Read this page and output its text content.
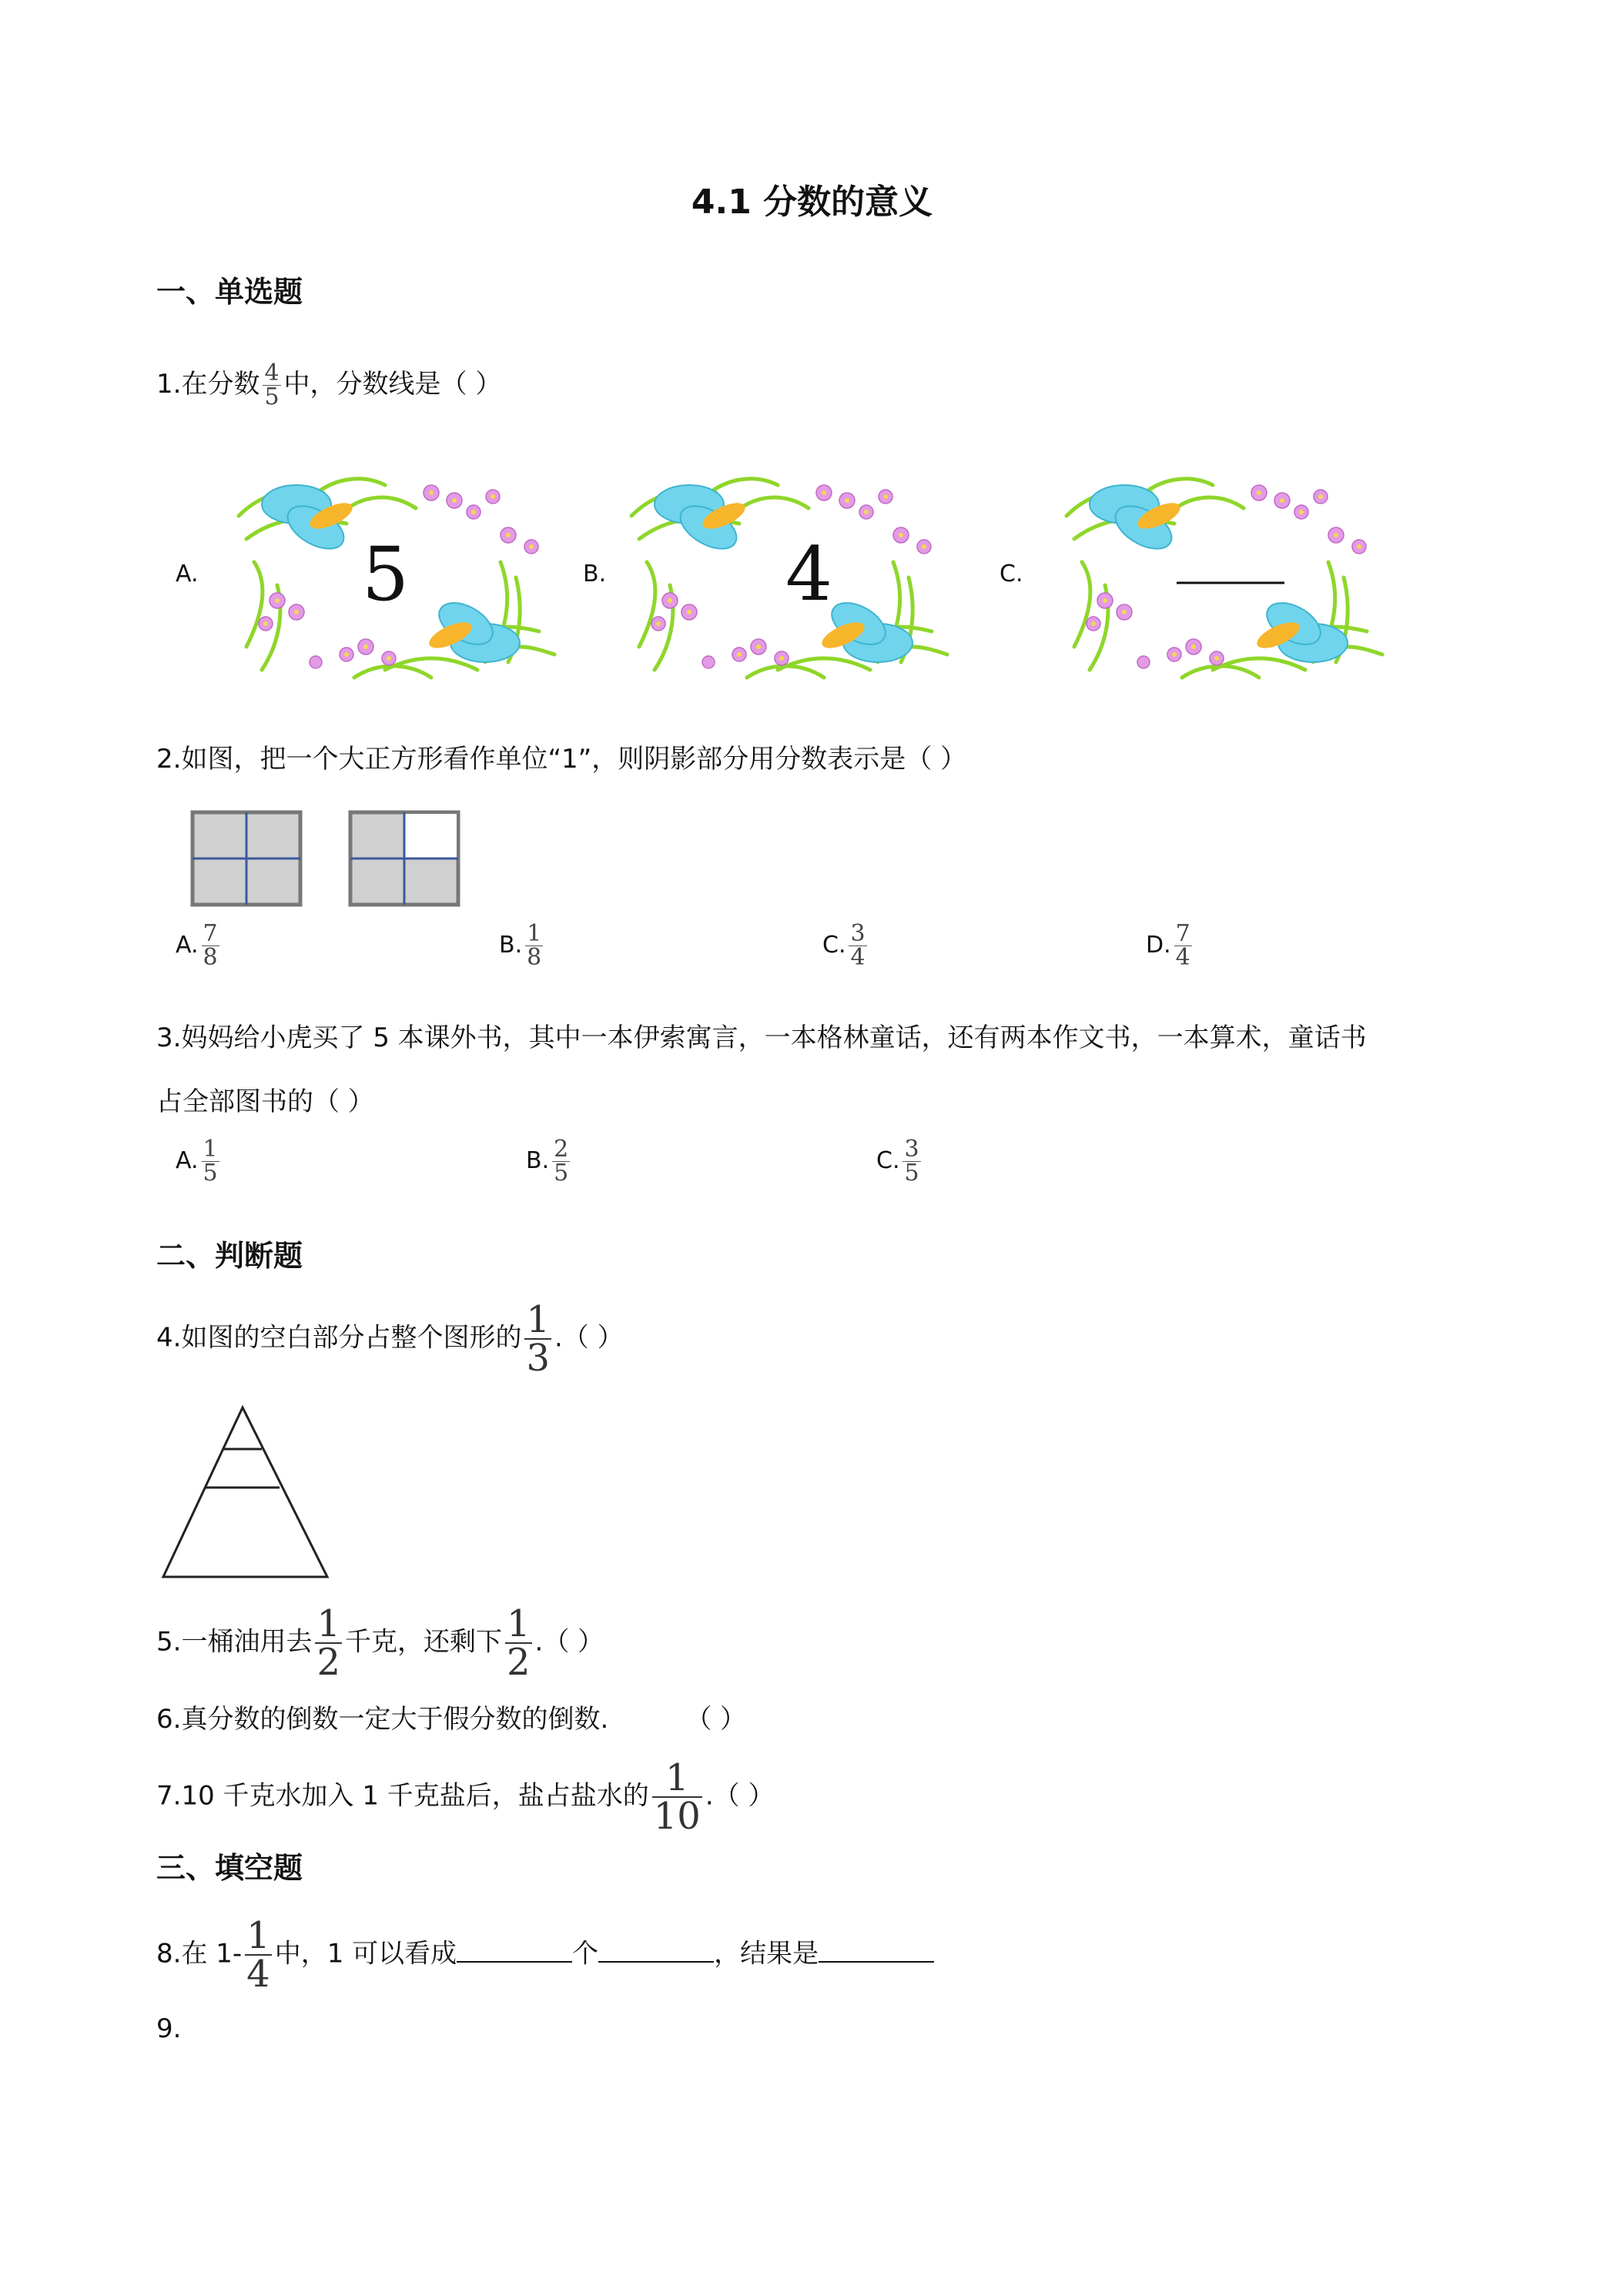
4.1 分数的意义
一、单选题
1.在分数 $\frac{4}{5}$ 中，分数线是（ ）
A. 5	B. 4	C.
2.如图，把一个大正方形看作单位“1”，则阴影部分用分数表示是（ ）
A. $\frac{7}{8}$	B. $\frac{1}{8}$	C. $\frac{3}{4}$	D. $\frac{7}{4}$
3.妈妈给小虎买了 5 本课外书，其中一本伊索寓言，一本格林童话，还有两本作文书，一本算术，童话书
占全部图书的（ ）
A. $\frac{1}{5}$	B. $\frac{2}{5}$	C. $\frac{3}{5}$
二、判断题
4.如图的空白部分占整个图形的 $\frac{1}{3}$ .（ ）
5.一桶油用去 $\frac{1}{2}$ 千克，还剩下 $\frac{1}{2}$ .（ ）
6.真分数的倒数一定大于假分数的倒数.	（ ）
7.10 千克水加入 1 千克盐后，盐占盐水的 $\frac{1}{10}$ .（ ）
三、填空题
8.在 $1- \frac{1}{4}$ 中，1 可以看成	个	，结果是
9.
